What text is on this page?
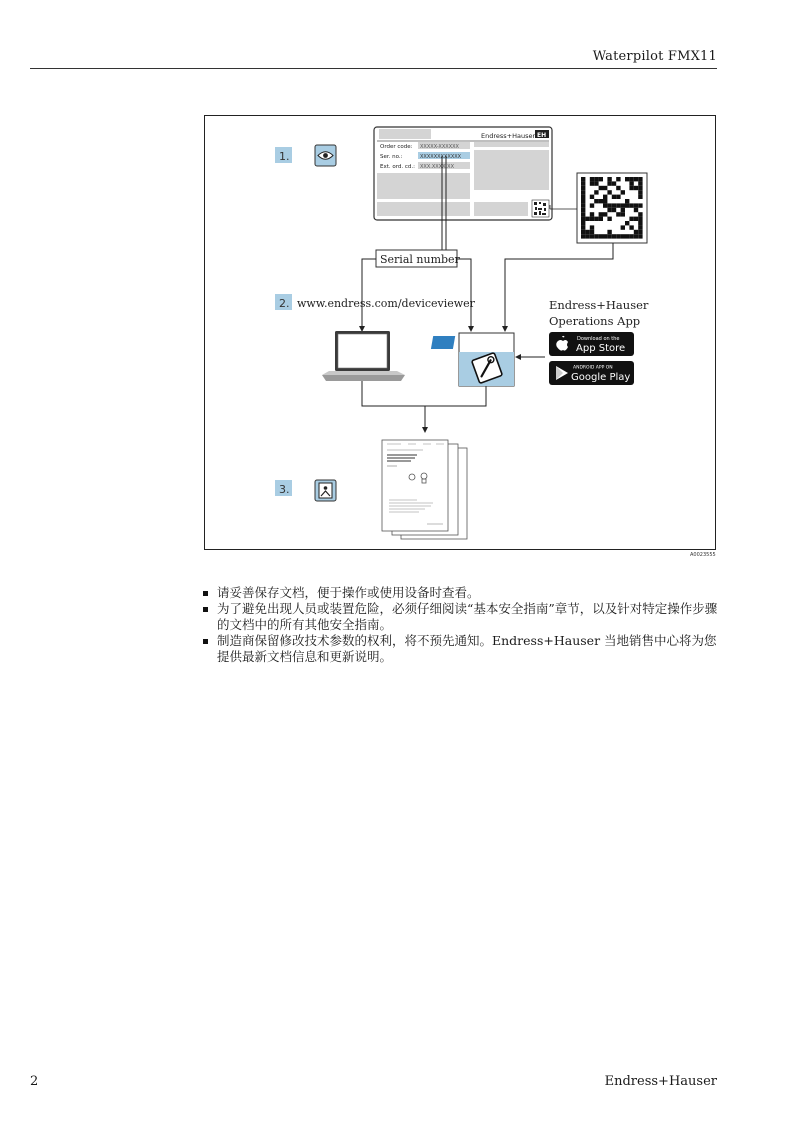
Waterpilot FMX11
1.
2.
3.
Endress+Hauser EH
Order code: XXXXX-XXXXXX
Ser. no.:	XXXXXXXXXXXX
Ext. ord. cd.: XXX.XXXX.XX
Serial number
www.endress.com/deviceviewer
EH
Endress+Hauser
Operations App
Download on the
App Store
ANDROID APP ON
Google Play
A0023555
请妥善保存文档，便于操作或使用设备时查看。
为了避免出现人员或装置危险，必须仔细阅读“基本安全指南”章节，以及针对特定操作步骤的文档中的所有其他安全指南。
制造商保留修改技术参数的权利，将不预先通知。Endress+Hauser 当地销售中心将为您提供最新文档信息和更新说明。
2	Endress+Hauser
